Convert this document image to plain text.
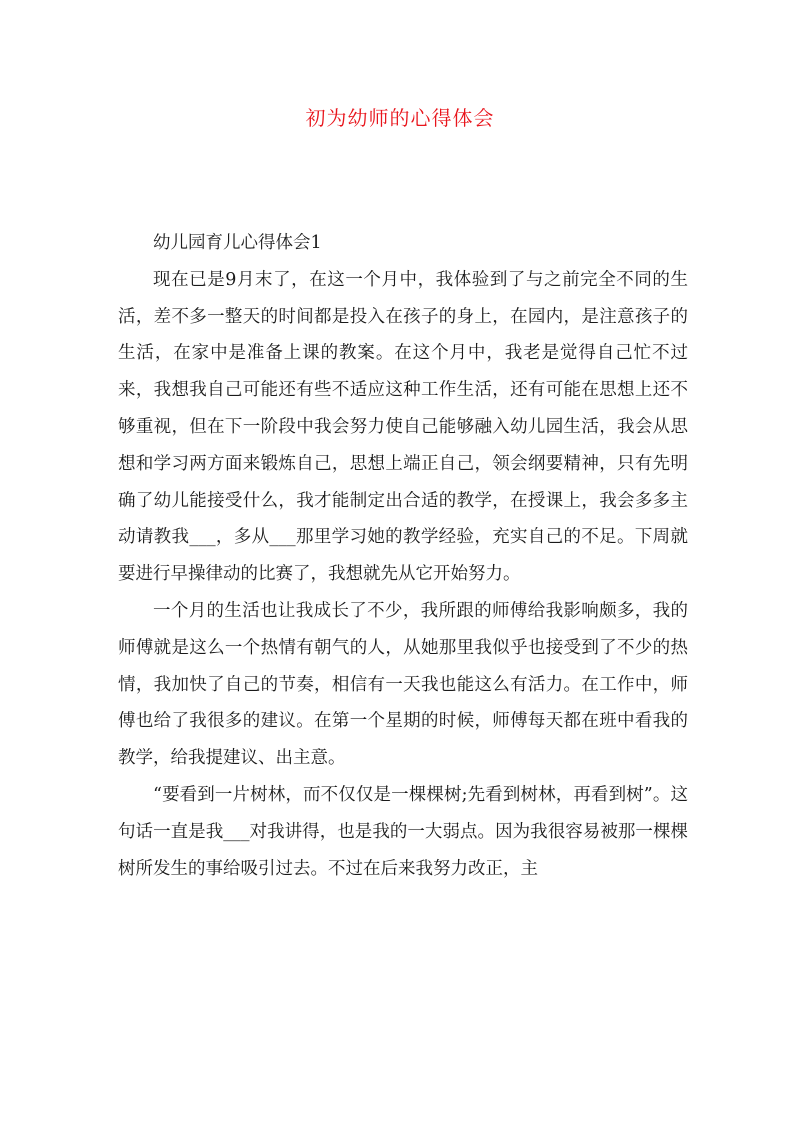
初为幼师的心得体会

幼儿园育儿心得体会1

现在已是9月末了，在这一个月中，我体验到了与之前完全不同的生活，差不多一整天的时间都是投入在孩子的身上，在园内，是注意孩子的生活，在家中是准备上课的教案。在这个月中，我老是觉得自己忙不过来，我想我自己可能还有些不适应这种工作生活，还有可能在思想上还不够重视，但在下一阶段中我会努力使自己能够融入幼儿园生活，我会从思想和学习两方面来锻炼自己，思想上端正自己，领会纲要精神，只有先明确了幼儿能接受什么，我才能制定出合适的教学，在授课上，我会多多主动请教我___，多从___那里学习她的教学经验，充实自己的不足。下周就要进行早操律动的比赛了，我想就先从它开始努力。

一个月的生活也让我成长了不少，我所跟的师傅给我影响颇多，我的师傅就是这么一个热情有朝气的人，从她那里我似乎也接受到了不少的热情，我加快了自己的节奏，相信有一天我也能这么有活力。在工作中，师傅也给了我很多的建议。在第一个星期的时候，师傅每天都在班中看我的教学，给我提建议、出主意。

“要看到一片树林，而不仅仅是一棵棵树;先看到树林，再看到树”。这句话一直是我___对我讲得，也是我的一大弱点。因为我很容易被那一棵棵树所发生的事给吸引过去。不过在后来我努力改正，主
